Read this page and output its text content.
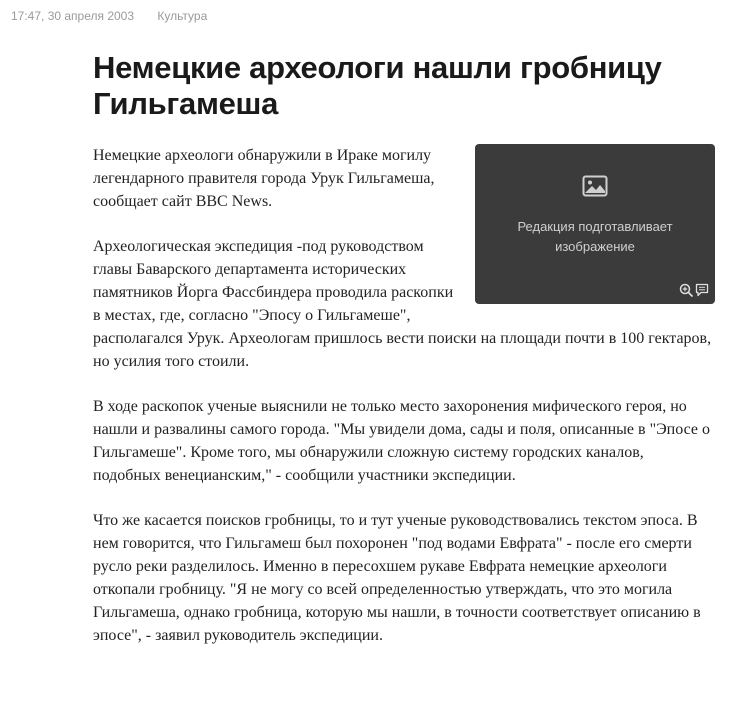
17:47, 30 апреля 2003 Культура
Немецкие археологи нашли гробницу Гильгамеша
Редакция подготавливает изображение

Немецкие археологи обнаружили в Ираке могилу легендарного правителя города Урук Гильгамеша, сообщает сайт BBC News.

Археологическая экспедиция -под руководством главы Баварского департамента исторических памятников Йорга Фассбиндера проводила раскопки в местах, где, согласно "Эпосу о Гильгамеше", располагался Урук. Археологам пришлось вести поиски на площади почти в 100 гектаров, но усилия того стоили.

В ходе раскопок ученые выяснили не только место захоронения мифического героя, но нашли и развалины самого города. "Мы увидели дома, сады и поля, описанные в "Эпосе о Гильгамеше". Кроме того, мы обнаружили сложную систему городских каналов, подобных венецианским," - сообщили участники экспедиции.

Что же касается поисков гробницы, то и тут ученые руководствовались текстом эпоса. В нем говорится, что Гильгамеш был похоронен "под водами Евфрата" - после его смерти русло реки разделилось. Именно в пересохшем рукаве Евфрата немецкие археологи откопали гробницу. "Я не могу со всей определенностью утверждать, что это могила Гильгамеша, однако гробница, которую мы нашли, в точности соответствует описанию в эпосе", - заявил руководитель экспедиции.
